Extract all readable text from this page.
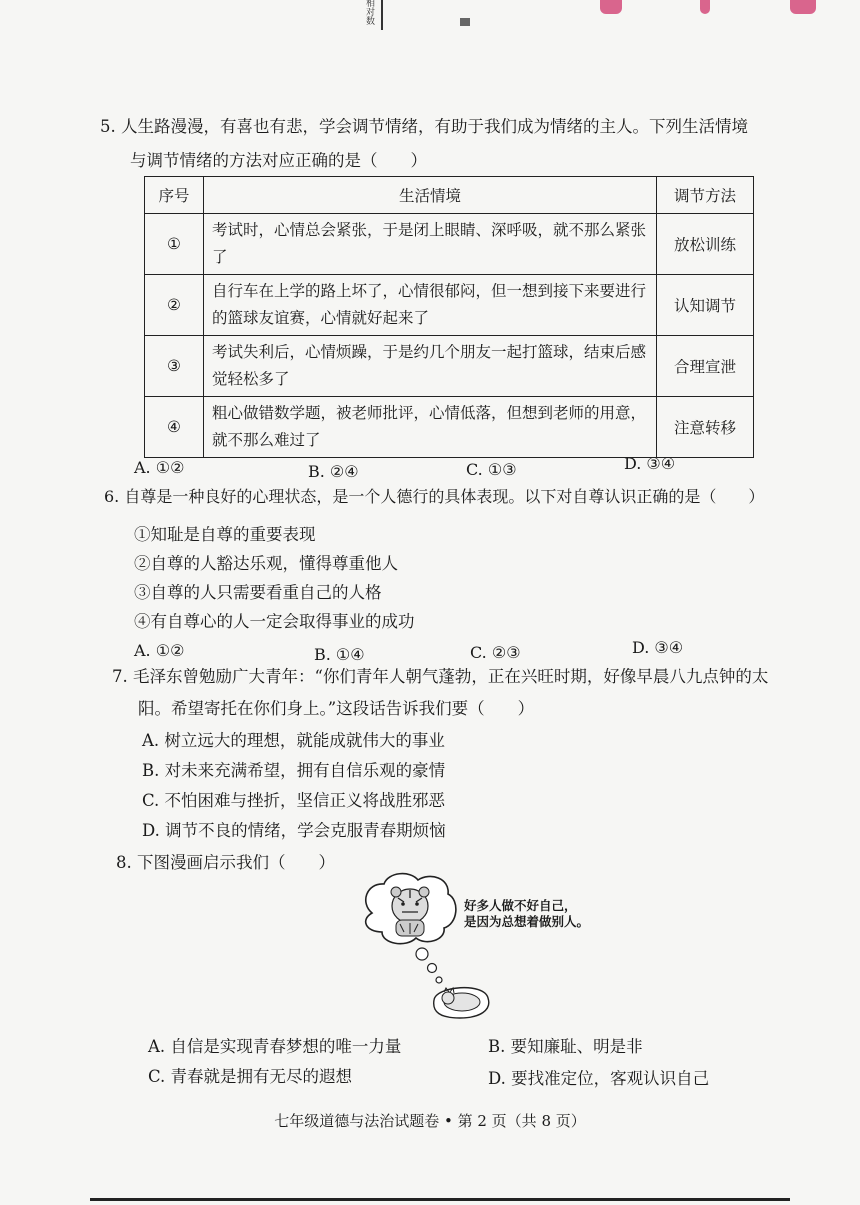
相
对
数
5. 人生路漫漫，有喜也有悲，学会调节情绪，有助于我们成为情绪的主人。下列生活情境
与调节情绪的方法对应正确的是（　　）
序号	生活情境	调节方法
①	考试时，心情总会紧张，于是闭上眼睛、深呼吸，就不那么紧张了	放松训练
②	自行车在上学的路上坏了，心情很郁闷，但一想到接下来要进行的篮球友谊赛，心情就好起来了	认知调节
③	考试失利后，心情烦躁，于是约几个朋友一起打篮球，结束后感觉轻松多了	合理宣泄
④	粗心做错数学题，被老师批评，心情低落，但想到老师的用意，就不那么难过了	注意转移
A. ①②	B. ②④	C. ①③	D. ③④
6. 自尊是一种良好的心理状态，是一个人德行的具体表现。以下对自尊认识正确的是（　　）
①知耻是自尊的重要表现
②自尊的人豁达乐观，懂得尊重他人
③自尊的人只需要看重自己的人格
④有自尊心的人一定会取得事业的成功
A. ①②	B. ①④	C. ②③	D. ③④
7. 毛泽东曾勉励广大青年：“你们青年人朝气蓬勃，正在兴旺时期，好像早晨八九点钟的太
阳。希望寄托在你们身上。”这段话告诉我们要（　　）
A. 树立远大的理想，就能成就伟大的事业
B. 对未来充满希望，拥有自信乐观的豪情
C. 不怕困难与挫折，坚信正义将战胜邪恶
D. 调节不良的情绪，学会克服青春期烦恼
8. 下图漫画启示我们（　　）
好多人做不好自己，
是因为总想着做别人。
A. 自信是实现青春梦想的唯一力量	B. 要知廉耻、明是非
C. 青春就是拥有无尽的遐想	D. 要找准定位，客观认识自己
七年级道德与法治试题卷 • 第 2 页（共 8 页）
